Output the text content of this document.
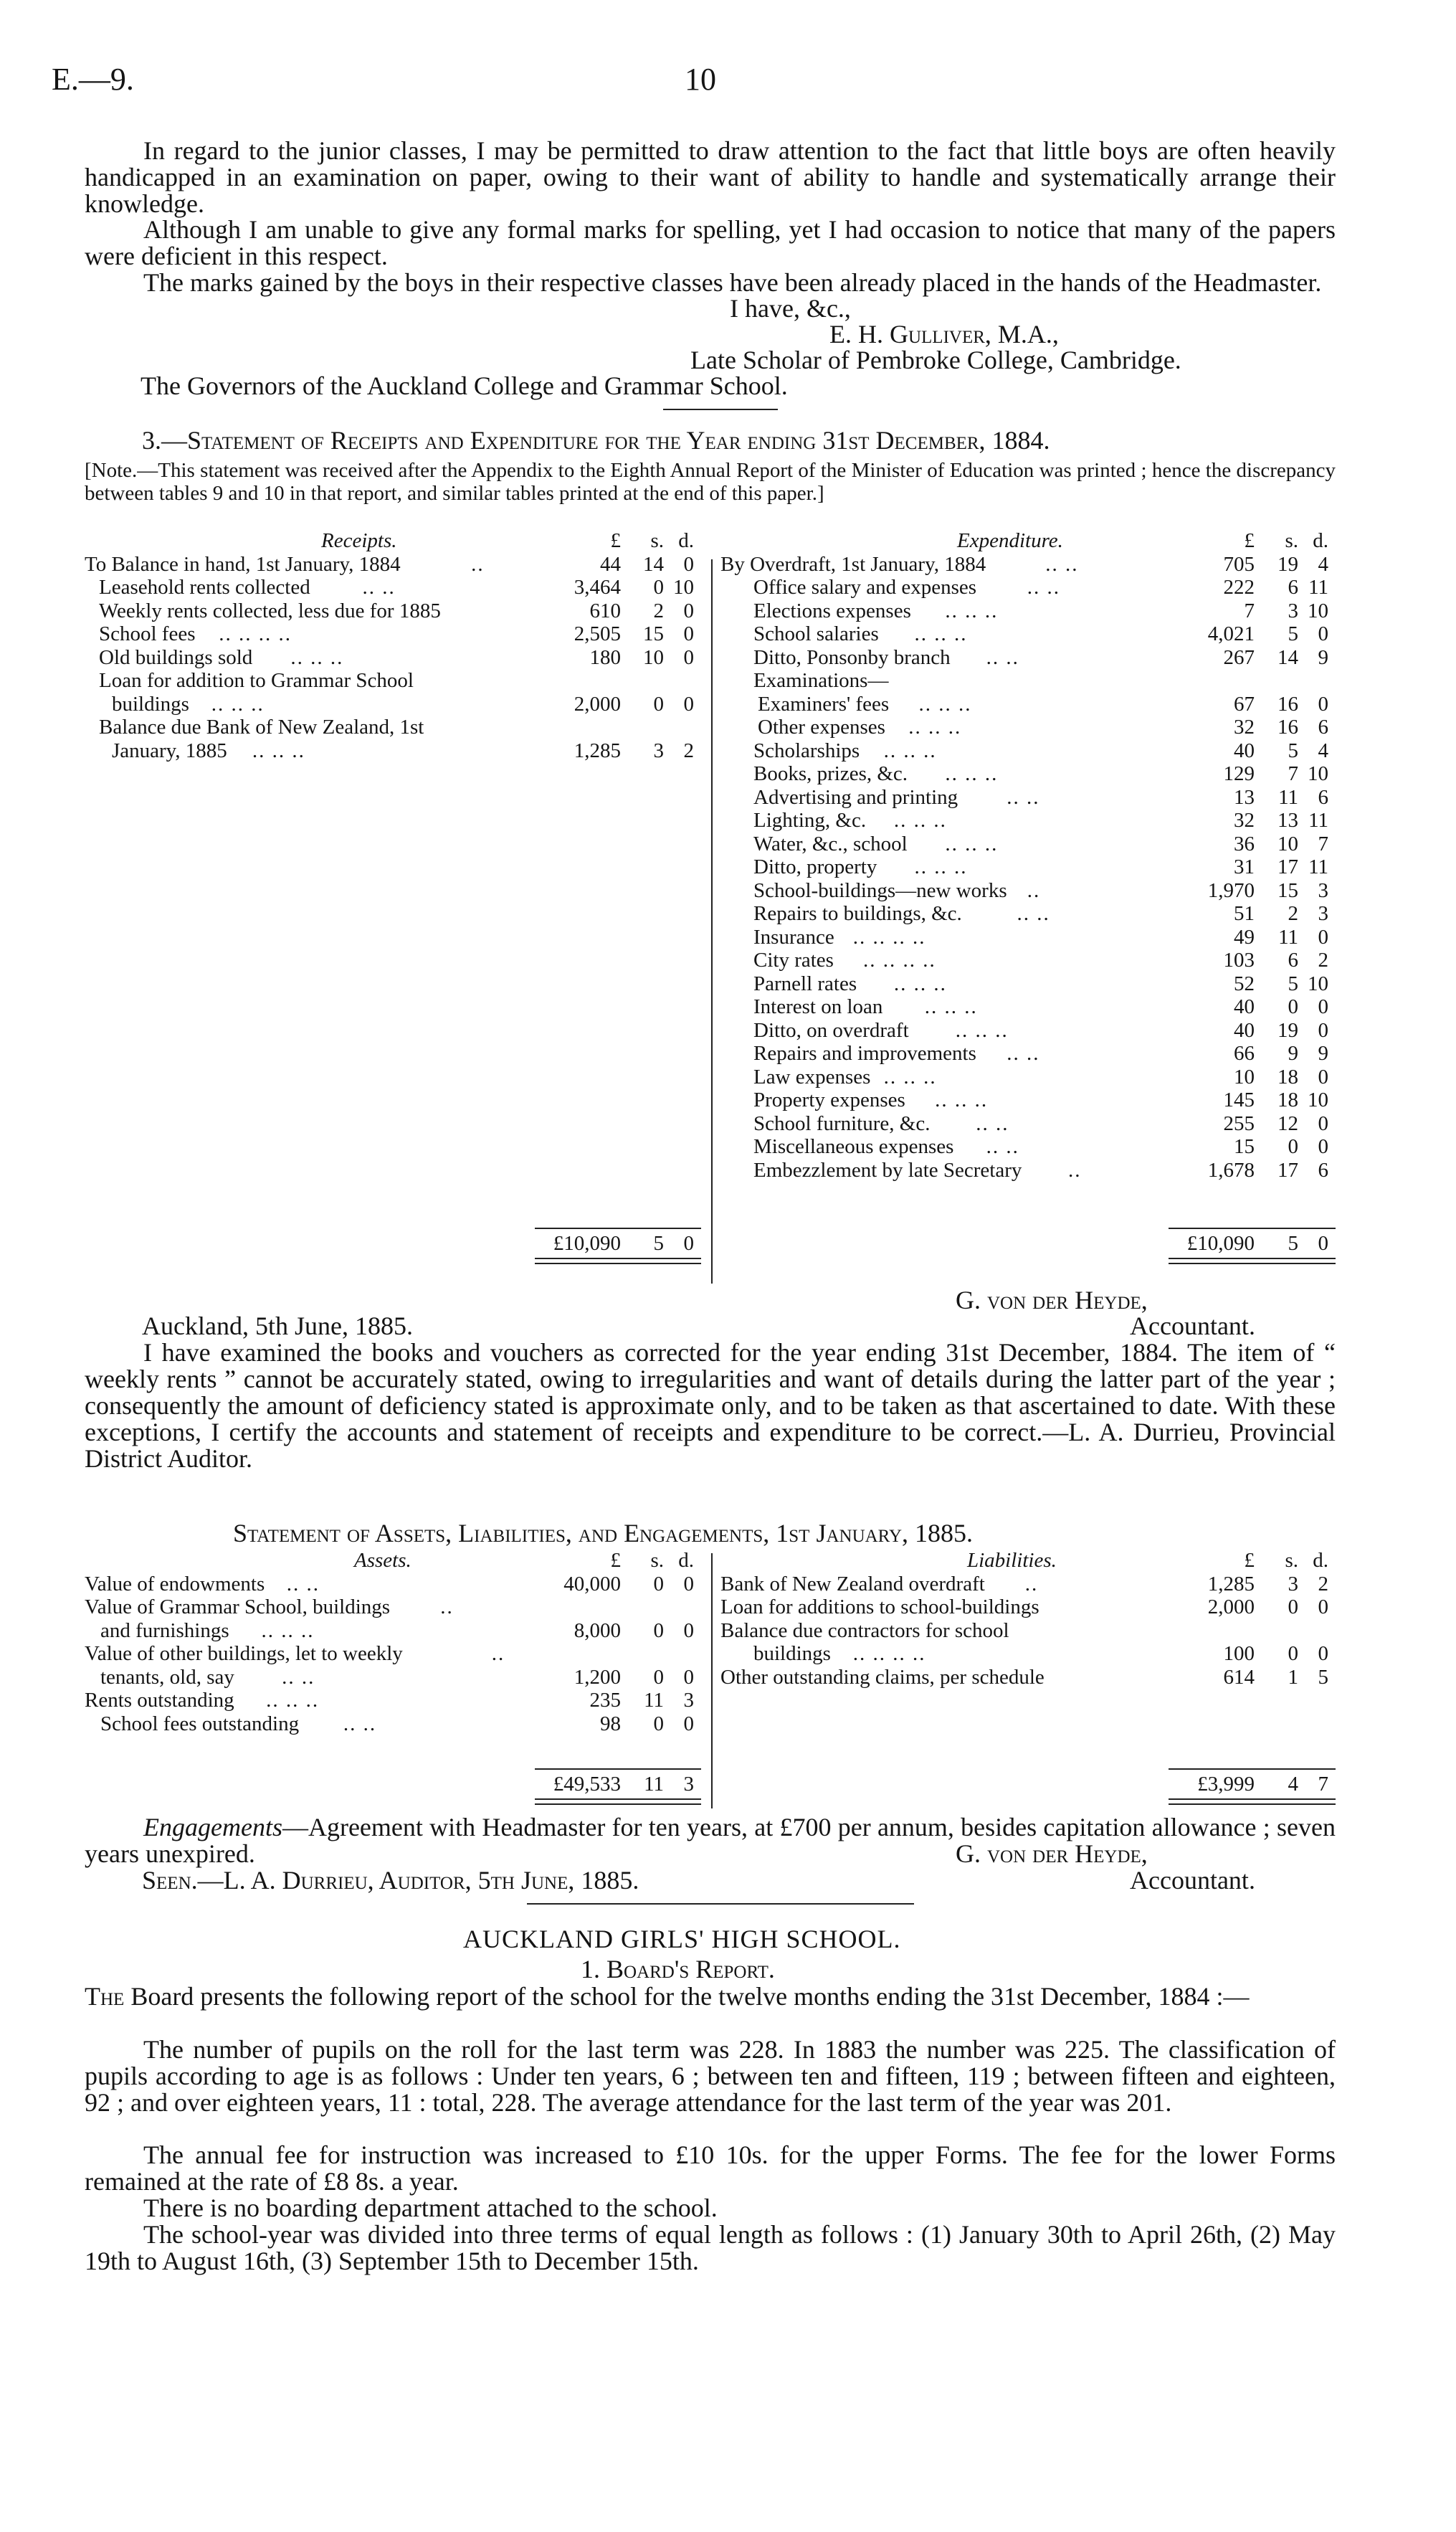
E.—9.	10
In regard to the junior classes, I may be permitted to draw attention to the fact that little boys are often heavily handicapped in an examination on paper, owing to their want of ability to handle and systematically arrange their knowledge.
Although I am unable to give any formal marks for spelling, yet I had occasion to notice that many of the papers were deficient in this respect.
The marks gained by the boys in their respective classes have been already placed in the hands of the Headmaster.
I have, &c.,
E. H. Gulliver, M.A.,
Late Scholar of Pembroke College, Cambridge.
The Governors of the Auckland College and Grammar School.
3.—Statement of Receipts and Expenditure for the Year ending 31st December, 1884.
[Note.—This statement was received after the Appendix to the Eighth Annual Report of the Minister of Education was printed ; hence the discrepancy between tables 9 and 10 in that report, and similar tables printed at the end of this paper.]
Receipts.	£	s. d.
To Balance in hand, 1st January, 1884	..	44	14 0
Leasehold rents collected	.. ..	3,464	0 10
Weekly rents collected, less due for 1885	610	2 0
School fees .. .. .. ..	2,505	15 0
Old buildings sold .. .. ..	180	10 0
Loan for addition to Grammar School
buildings .. .. ..	2,000	0 0
Balance due Bank of New Zealand, 1st
January, 1885 .. .. ..	1,285	3 2
£10,090	5 0
Expenditure.	£	s. d.
By Overdraft, 1st January, 1884	.. ..	705	19 4
Office salary and expenses .. ..	222	6 11
Elections expenses .. .. ..	7	3 10
School salaries .. .. ..	4,021	5 0
Ditto, Ponsonby branch .. ..	267	14 9
Examinations—
Examiners' fees .. .. ..	67	16 0
Other expenses .. .. ..	32	16 6
Scholarships .. .. ..	40	5 4
Books, prizes, &c. .. .. ..	129	7 10
Advertising and printing .. ..	13	11 6
Lighting, &c. .. .. ..	32	13 11
Water, &c., school .. .. ..	36	10 7
Ditto, property .. .. ..	31	17 11
School-buildings—new works ..	1,970	15 3
Repairs to buildings, &c.	.. ..	51	2 3
Insurance .. .. .. ..	49	11 0
City rates .. .. .. ..	103	6 2
Parnell rates .. .. ..	52	5 10
Interest on loan .. .. ..	40	0 0
Ditto, on overdraft .. .. ..	40	19 0
Repairs and improvements .. ..	66	9 9
Law expenses .. .. ..	10	18 0
Property expenses .. .. ..	145	18 10
School furniture, &c. .. ..	255	12 0
Miscellaneous expenses .. ..	15	0 0
Embezzlement by late Secretary ..	1,678	17 6
£10,090	5 0
G. von der Heyde,
Auckland, 5th June, 1885.	Accountant.
I have examined the books and vouchers as corrected for the year ending 31st December, 1884. The item of “ weekly rents ” cannot be accurately stated, owing to irregularities and want of details during the latter part of the year ; consequently the amount of deficiency stated is approximate only, and to be taken as that ascertained to date. With these exceptions, I certify the accounts and statement of receipts and expenditure to be correct.—L. A. Durrieu, Provincial District Auditor.
Statement of Assets, Liabilities, and Engagements, 1st January, 1885.
Assets.	£	s. d.
Value of endowments .. ..	40,000	0 0
Value of Grammar School, buildings ..
and furnishings .. .. ..	8,000	0 0
Value of other buildings, let to weekly	..
tenants, old, say .. ..	1,200	0 0
Rents outstanding .. .. ..	235	11 3
School fees outstanding .. ..	98	0 0
£49,533	11 3
Liabilities.	£	s. d.
Bank of New Zealand overdraft ..	1,285	3 2
Loan for additions to school-buildings	2,000	0 0
Balance due contractors for school
buildings .. .. .. ..	100	0 0
Other outstanding claims, per schedule	614	1 5
£3,999	4 7
Engagements—Agreement with Headmaster for ten years, at £700 per annum, besides capitation allowance ; seven years unexpired.	G. von der Heyde,
Seen.—L. A. Durrieu, Auditor, 5th June, 1885.	Accountant.
AUCKLAND GIRLS' HIGH SCHOOL.
1. Board's Report.
The Board presents the following report of the school for the twelve months ending the 31st December, 1884 :—
The number of pupils on the roll for the last term was 228. In 1883 the number was 225. The classification of pupils according to age is as follows : Under ten years, 6 ; between ten and fifteen, 119 ; between fifteen and eighteen, 92 ; and over eighteen years, 11 : total, 228. The average attendance for the last term of the year was 201.
The annual fee for instruction was increased to £10 10s. for the upper Forms. The fee for the lower Forms remained at the rate of £8 8s. a year.
There is no boarding department attached to the school.
The school-year was divided into three terms of equal length as follows : (1) January 30th to April 26th, (2) May 19th to August 16th, (3) September 15th to December 15th.
